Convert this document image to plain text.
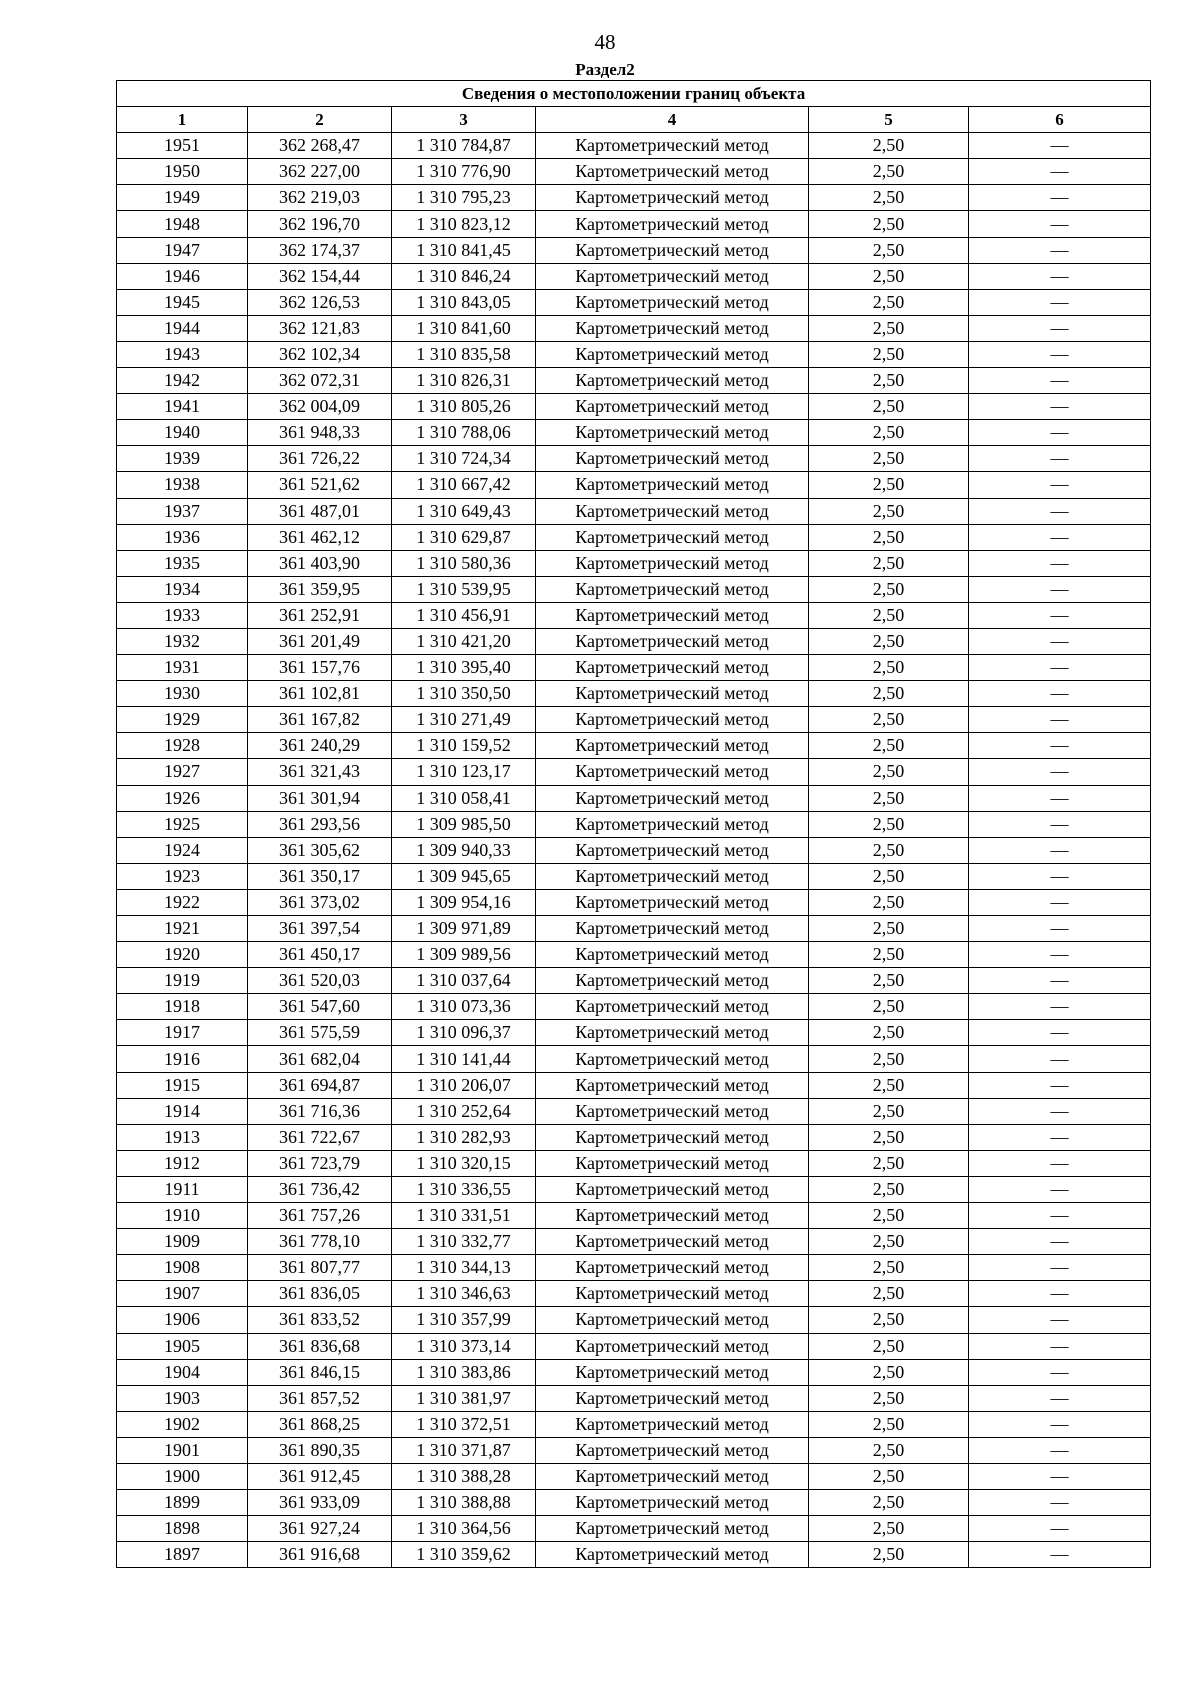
48
Раздел2
Сведения о местоположении границ объекта					
1	2	3	4	5	6
1951	362 268,47	1 310 784,87	Картометрический метод	2,50	—
1950	362 227,00	1 310 776,90	Картометрический метод	2,50	—
1949	362 219,03	1 310 795,23	Картометрический метод	2,50	—
1948	362 196,70	1 310 823,12	Картометрический метод	2,50	—
1947	362 174,37	1 310 841,45	Картометрический метод	2,50	—
1946	362 154,44	1 310 846,24	Картометрический метод	2,50	—
1945	362 126,53	1 310 843,05	Картометрический метод	2,50	—
1944	362 121,83	1 310 841,60	Картометрический метод	2,50	—
1943	362 102,34	1 310 835,58	Картометрический метод	2,50	—
1942	362 072,31	1 310 826,31	Картометрический метод	2,50	—
1941	362 004,09	1 310 805,26	Картометрический метод	2,50	—
1940	361 948,33	1 310 788,06	Картометрический метод	2,50	—
1939	361 726,22	1 310 724,34	Картометрический метод	2,50	—
1938	361 521,62	1 310 667,42	Картометрический метод	2,50	—
1937	361 487,01	1 310 649,43	Картометрический метод	2,50	—
1936	361 462,12	1 310 629,87	Картометрический метод	2,50	—
1935	361 403,90	1 310 580,36	Картометрический метод	2,50	—
1934	361 359,95	1 310 539,95	Картометрический метод	2,50	—
1933	361 252,91	1 310 456,91	Картометрический метод	2,50	—
1932	361 201,49	1 310 421,20	Картометрический метод	2,50	—
1931	361 157,76	1 310 395,40	Картометрический метод	2,50	—
1930	361 102,81	1 310 350,50	Картометрический метод	2,50	—
1929	361 167,82	1 310 271,49	Картометрический метод	2,50	—
1928	361 240,29	1 310 159,52	Картометрический метод	2,50	—
1927	361 321,43	1 310 123,17	Картометрический метод	2,50	—
1926	361 301,94	1 310 058,41	Картометрический метод	2,50	—
1925	361 293,56	1 309 985,50	Картометрический метод	2,50	—
1924	361 305,62	1 309 940,33	Картометрический метод	2,50	—
1923	361 350,17	1 309 945,65	Картометрический метод	2,50	—
1922	361 373,02	1 309 954,16	Картометрический метод	2,50	—
1921	361 397,54	1 309 971,89	Картометрический метод	2,50	—
1920	361 450,17	1 309 989,56	Картометрический метод	2,50	—
1919	361 520,03	1 310 037,64	Картометрический метод	2,50	—
1918	361 547,60	1 310 073,36	Картометрический метод	2,50	—
1917	361 575,59	1 310 096,37	Картометрический метод	2,50	—
1916	361 682,04	1 310 141,44	Картометрический метод	2,50	—
1915	361 694,87	1 310 206,07	Картометрический метод	2,50	—
1914	361 716,36	1 310 252,64	Картометрический метод	2,50	—
1913	361 722,67	1 310 282,93	Картометрический метод	2,50	—
1912	361 723,79	1 310 320,15	Картометрический метод	2,50	—
1911	361 736,42	1 310 336,55	Картометрический метод	2,50	—
1910	361 757,26	1 310 331,51	Картометрический метод	2,50	—
1909	361 778,10	1 310 332,77	Картометрический метод	2,50	—
1908	361 807,77	1 310 344,13	Картометрический метод	2,50	—
1907	361 836,05	1 310 346,63	Картометрический метод	2,50	—
1906	361 833,52	1 310 357,99	Картометрический метод	2,50	—
1905	361 836,68	1 310 373,14	Картометрический метод	2,50	—
1904	361 846,15	1 310 383,86	Картометрический метод	2,50	—
1903	361 857,52	1 310 381,97	Картометрический метод	2,50	—
1902	361 868,25	1 310 372,51	Картометрический метод	2,50	—
1901	361 890,35	1 310 371,87	Картометрический метод	2,50	—
1900	361 912,45	1 310 388,28	Картометрический метод	2,50	—
1899	361 933,09	1 310 388,88	Картометрический метод	2,50	—
1898	361 927,24	1 310 364,56	Картометрический метод	2,50	—
1897	361 916,68	1 310 359,62	Картометрический метод	2,50	—
